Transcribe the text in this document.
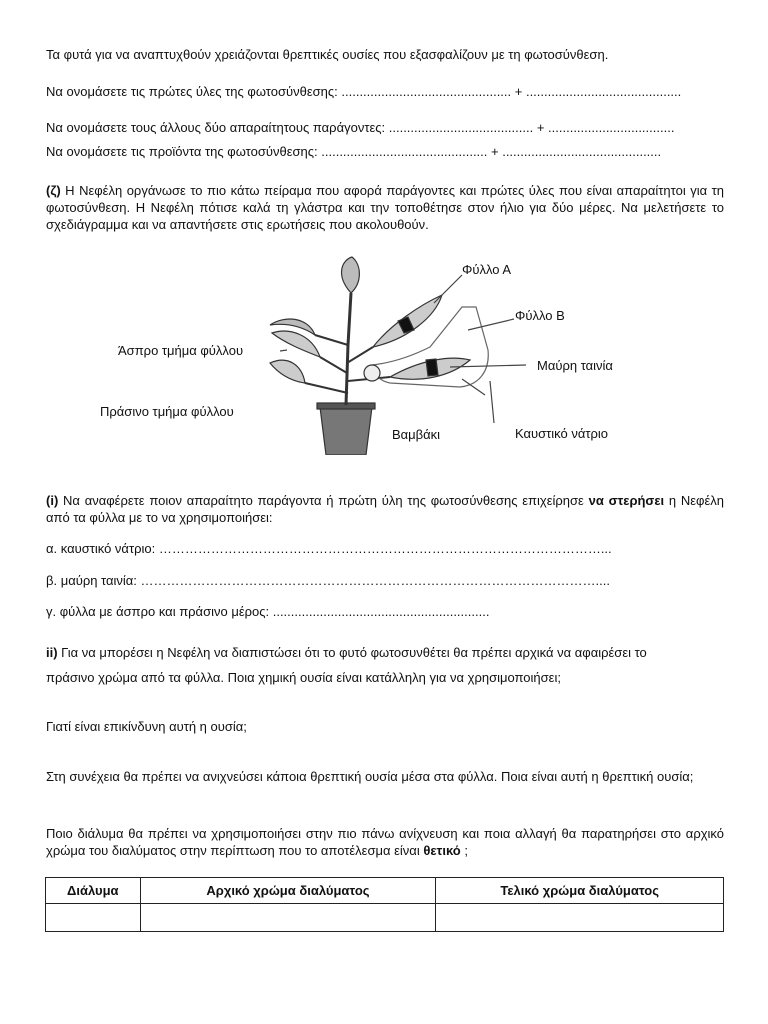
Τα φυτά για να αναπτυχθούν χρειάζονται θρεπτικές ουσίες που εξασφαλίζουν με τη φωτοσύνθεση.
Να ονομάσετε τις πρώτες ύλες της φωτοσύνθεσης: ............................................... + ...........................................
Να ονομάσετε τους άλλους δύο απαραίτητους παράγοντες: ........................................ + ...................................
Να ονομάσετε τις προϊόντα της φωτοσύνθεσης: .............................................. + ............................................
(ζ) Η Νεφέλη οργάνωσε το πιο κάτω πείραμα που αφορά παράγοντες και πρώτες ύλες που είναι απαραίτητοι για τη φωτοσύνθεση. Η Νεφέλη πότισε καλά τη γλάστρα και την τοποθέτησε στον ήλιο για δύο μέρες. Να μελετήσετε το σχεδιάγραμμα και να απαντήσετε στις ερωτήσεις που ακολουθούν.
Φύλλο Α
Φύλλο Β
Άσπρο τμήμα φύλλου
Μαύρη ταινία
Πράσινο τμήμα φύλλου
Βαμβάκι	Καυστικό νάτριο
(i) Να αναφέρετε ποιον απαραίτητο παράγοντα ή πρώτη ύλη της φωτοσύνθεσης επιχείρησε να στερήσει η Νεφέλη από τα φύλλα με το να χρησιμοποιήσει:
α. καυστικό νάτριο: …………………………………………………………………………………………...
β. μαύρη ταινία: ……………………………………………………………………………………………....
γ. φύλλα με άσπρο και πράσινο μέρος: ............................................................
ii) Για να μπορέσει η Νεφέλη να διαπιστώσει ότι το φυτό φωτοσυνθέτει θα πρέπει αρχικά να αφαιρέσει το
πράσινο χρώμα από τα φύλλα. Ποια χημική ουσία είναι κατάλληλη για να χρησιμοποιήσει;
Γιατί είναι επικίνδυνη αυτή η ουσία;
Στη συνέχεια θα πρέπει να ανιχνεύσει κάποια θρεπτική ουσία μέσα στα φύλλα. Ποια είναι αυτή η θρεπτική ουσία;
Ποιο διάλυμα θα πρέπει να χρησιμοποιήσει στην πιο πάνω ανίχνευση και ποια αλλαγή θα παρατηρήσει στο αρχικό χρώμα του διαλύματος στην περίπτωση που το αποτέλεσμα είναι θετικό ;
Διάλυμα	Αρχικό χρώμα διαλύματος	Τελικό χρώμα διαλύματος
